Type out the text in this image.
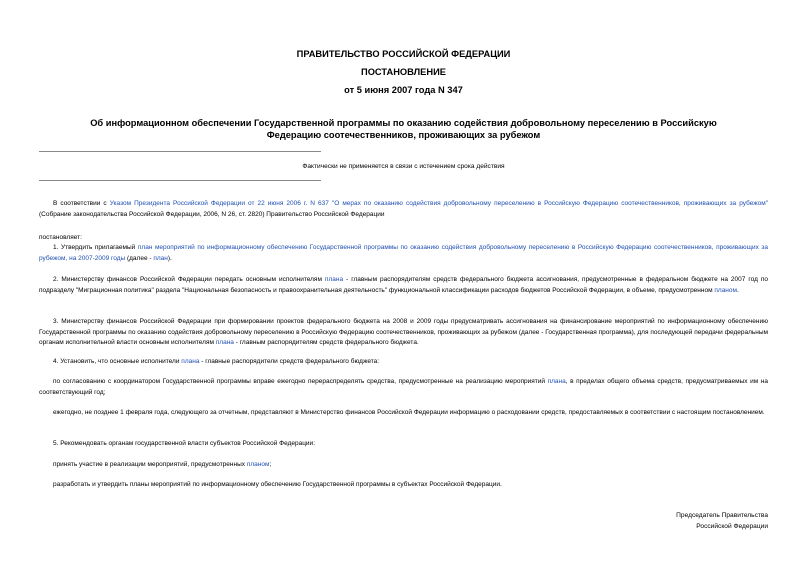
ПРАВИТЕЛЬСТВО РОССИЙСКОЙ ФЕДЕРАЦИИ
ПОСТАНОВЛЕНИЕ
от 5 июня 2007 года N 347
Об информационном обеспечении Государственной программы по оказанию содействия добровольному переселению в Российскую Федерацию соотечественников, проживающих за рубежом
Фактически не применяется в связи с истечением срока действия
В соответствии с Указом Президента Российской Федерации от 22 июня 2006 г. N 637 "О мерах по оказанию содействия добровольному переселению в Российскую Федерацию соотечественников, проживающих за рубежом" (Собрание законодательства Российской Федерации, 2006, N 26, ст. 2820) Правительство Российской Федерации
постановляет:
1. Утвердить прилагаемый план мероприятий по информационному обеспечению Государственной программы по оказанию содействия добровольному переселению в Российскую Федерацию соотечественников, проживающих за рубежом, на 2007-2009 годы (далее - план).
2. Министерству финансов Российской Федерации передать основным исполнителям плана - главным распорядителям средств федерального бюджета ассигнования, предусмотренные в федеральном бюджете на 2007 год по подразделу "Миграционная политика" раздела "Национальная безопасность и правоохранительная деятельность" функциональной классификации расходов бюджетов Российской Федерации, в объеме, предусмотренном планом.
3. Министерству финансов Российской Федерации при формировании проектов федерального бюджета на 2008 и 2009 годы предусматривать ассигнования на финансирование мероприятий по информационному обеспечению Государственной программы по оказанию содействия добровольному переселению в Российскую Федерацию соотечественников, проживающих за рубежом (далее - Государственная программа), для последующей передачи федеральным органам исполнительной власти основным исполнителям плана - главным распорядителям средств федерального бюджета.
4. Установить, что основные исполнители плана - главные распорядители средств федерального бюджета:
по согласованию с координатором Государственной программы вправе ежегодно перераспределять средства, предусмотренные на реализацию мероприятий плана, в пределах общего объема средств, предусматриваемых им на соответствующий год;
ежегодно, не позднее 1 февраля года, следующего за отчетным, представляют в Министерство финансов Российской Федерации информацию о расходовании средств, предоставляемых в соответствии с настоящим постановлением.
5. Рекомендовать органам государственной власти субъектов Российской Федерации:
принять участие в реализации мероприятий, предусмотренных планом;
разработать и утвердить планы мероприятий по информационному обеспечению Государственной программы в субъектах Российской Федерации.
Председатель Правительства
Российской Федерации
